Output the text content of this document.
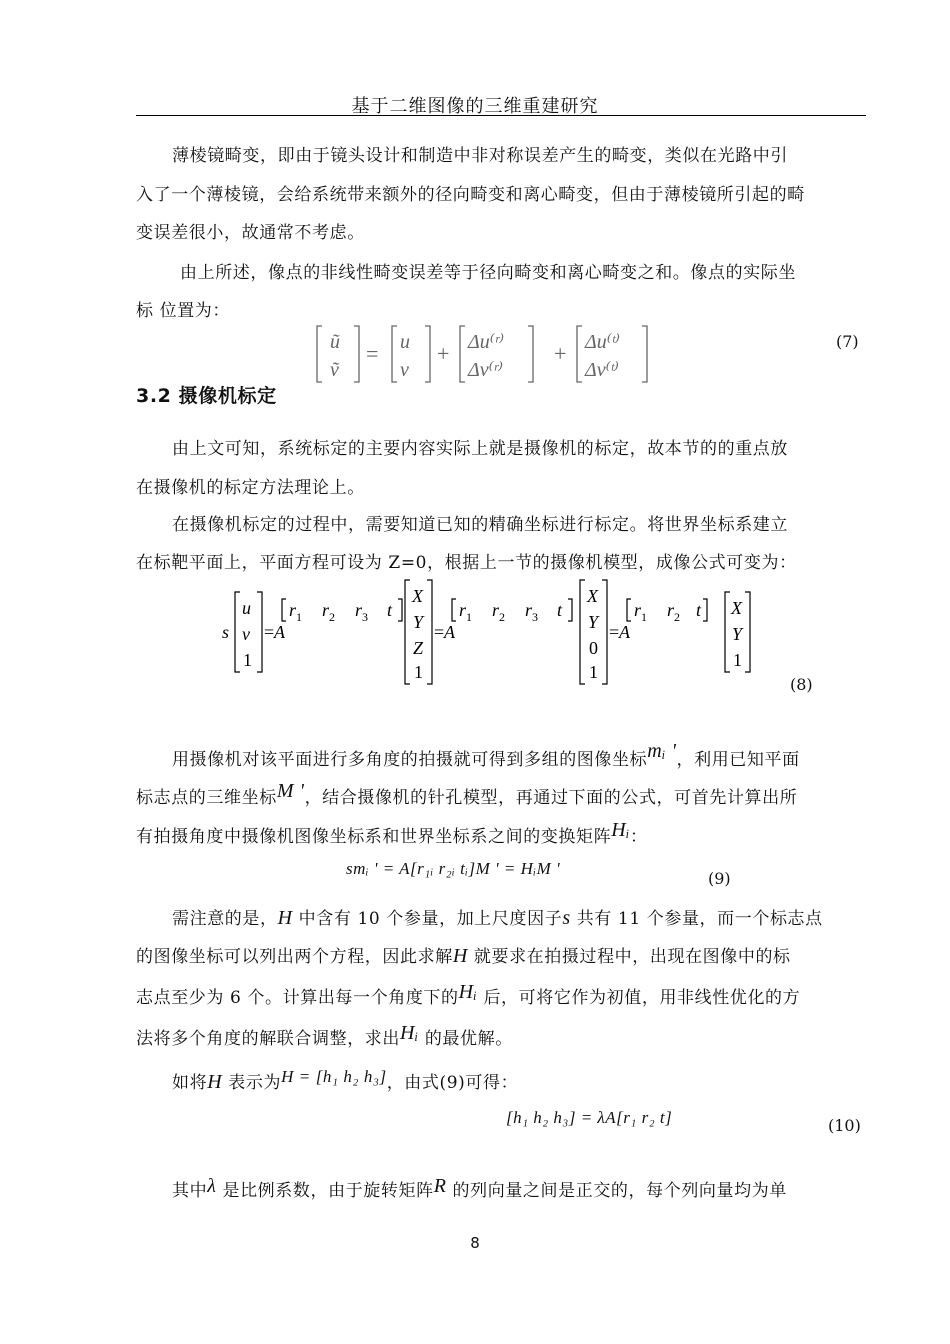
基于二维图像的三维重建研究
薄棱镜畸变，即由于镜头设计和制造中非对称误差产生的畸变，类似在光路中引
入了一个薄棱镜，会给系统带来额外的径向畸变和离心畸变，但由于薄棱镜所引起的畸
变误差很小，故通常不考虑。
由上所述，像点的非线性畸变误差等于径向畸变和离心畸变之和。像点的实际坐
标 位置为：
ũ
ṽ
u
v
Δu⁽ʳ⁾
Δv⁽ʳ⁾
Δu⁽ᵗ⁾
Δv⁽ᵗ⁾
=	+	+	(7)
3.2 摄像机标定
由上文可知，系统标定的主要内容实际上就是摄像机的标定，故本节的的重点放
在摄像机的标定方法理论上。
在摄像机标定的过程中，需要知道已知的精确坐标进行标定。将世界坐标系建立
在标靶平面上，平面方程可设为 Z=0，根据上一节的摄像机模型，成像公式可变为：
s
u
v
1
= A
r 1 r 2 r 3 t
X
Y
Z
1
= A
r 1 r 2 r 3 t
X
Y
0
1
= A
r 1 r 2 t X
Y
1
(8)
用摄像机对该平面进行多角度的拍摄就可得到多组的图像坐标mᵢ '，利用已知平面
标志点的三维坐标M '，结合摄像机的针孔模型，再通过下面的公式，可首先计算出所
有拍摄角度中摄像机图像坐标系和世界坐标系之间的变换矩阵Hᵢ：
smᵢ ' = A[r₁ᵢ r₂ᵢ tᵢ]M ' = HᵢM '
(9)
需注意的是，H 中含有 10 个参量，加上尺度因子s 共有 11 个参量，而一个标志点
的图像坐标可以列出两个方程，因此求解H 就要求在拍摄过程中，出现在图像中的标
志点至少为 6 个。计算出每一个角度下的Hᵢ 后，可将它作为初值，用非线性优化的方
法将多个角度的解联合调整，求出Hᵢ 的最优解。
如将H 表示为H = [h₁ h₂ h₃]，由式(9)可得：
[h₁ h₂ h₃] = λA[r₁ r₂ t]	(10)
其中λ 是比例系数，由于旋转矩阵R 的列向量之间是正交的，每个列向量均为单
8
